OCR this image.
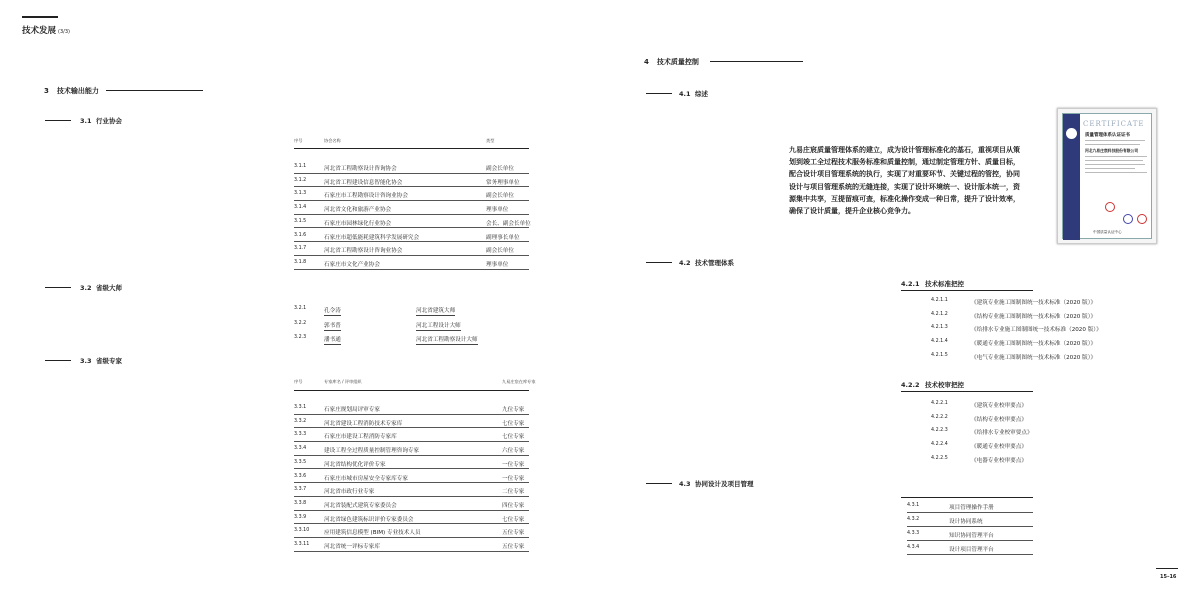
技术发展 (3/3)
3 技术输出能力
3.1 行业协会
序号	协会名称	类型
3.1.1	河北省工程勘察设计咨询协会	副会长单位
3.1.2	河北省工程建设信息智能化协会	常务理事单位
3.1.3	石家庄市工程勘察设计咨询业协会	副会长单位
3.1.4	河北省文化和旅游产业协会	理事单位
3.1.5	石家庄市园林绿化行业协会	会长、副会长单位
3.1.6	石家庄市超低能耗建筑科学发展研究会	副理事长单位
3.1.7	河北省工程勘察设计咨询业协会	副会长单位
3.1.8	石家庄市文化产业协会	理事单位
3.2 省级大师
3.2.1	孔令涛	河北省建筑大师
3.2.2	郭书普	河北工程设计大师
3.2.3	潘书通	河北省工程勘察设计大师
3.3 省级专家
序号	专家库名 / 评审组织	九易庄宸在库专家
3.3.1	石家庄规划局评审专家	九位专家
3.3.2	河北省建设工程消防技术专家库	七位专家
3.3.3	石家庄市建设工程消防专家库	七位专家
3.3.4	建设工程全过程质量控制管理咨询专家	六位专家
3.3.5	河北省结构优化评价专家	一位专家
3.3.6	石家庄市城市房屋安全专家库专家	一位专家
3.3.7	河北省市政行业专家	二位专家
3.3.8	河北省装配式建筑专家委员会	四位专家
3.3.9	河北省绿色建筑标识评价专家委员会	七位专家
3.3.10	应用建筑信息模型 (BIM) 专业技术人员	五位专家
3.3.11	河北省统一评标专家库	五位专家
4 技术质量控制
4.1 综述
九易庄宸质量管理体系的建立，成为设计管理标准化的基石，重视项目从策划到竣工全过程技术服务标准和质量控制，通过制定管理方针、质量目标，配合设计项目管理系统的执行，实现了对重要环节、关键过程的管控，协同设计与项目管理系统的无缝连接，实现了设计环境统一、设计版本统一，资源集中共享，互提留痕可查，标准化操作变成一种日常，提升了设计效率，确保了设计质量，提升企业核心竞争力。
CERTIFICATE
质量管理体系认证证书
河北九易庄宸科技股份有限公司
中国质量认证中心
4.2 技术管理体系
4.2.1 技术标准把控
4.2.1.1	《建筑专业施工图制图统一技术标准（2020 版）》
4.2.1.2	《结构专业施工图制图统一技术标准（2020 版）》
4.2.1.3	《给排水专业施工图制图统一技术标准（2020 版）》
4.2.1.4	《暖通专业施工图制图统一技术标准（2020 版）》
4.2.1.5	《电气专业施工图制图统一技术标准（2020 版）》
4.2.2 技术校审把控
4.2.2.1	《建筑专业校审要点》
4.2.2.2	《结构专业校审要点》
4.2.2.3	《给排水专业校审要点》
4.2.2.4	《暖通专业校审要点》
4.2.2.5	《电器专业校审要点》
4.3 协同设计及项目管理
4.3.1	项目管理操作手册
4.3.2	设计协同系统
4.3.3	知识协同管理平台
4.3.4	设计项目管理平台
15–16
